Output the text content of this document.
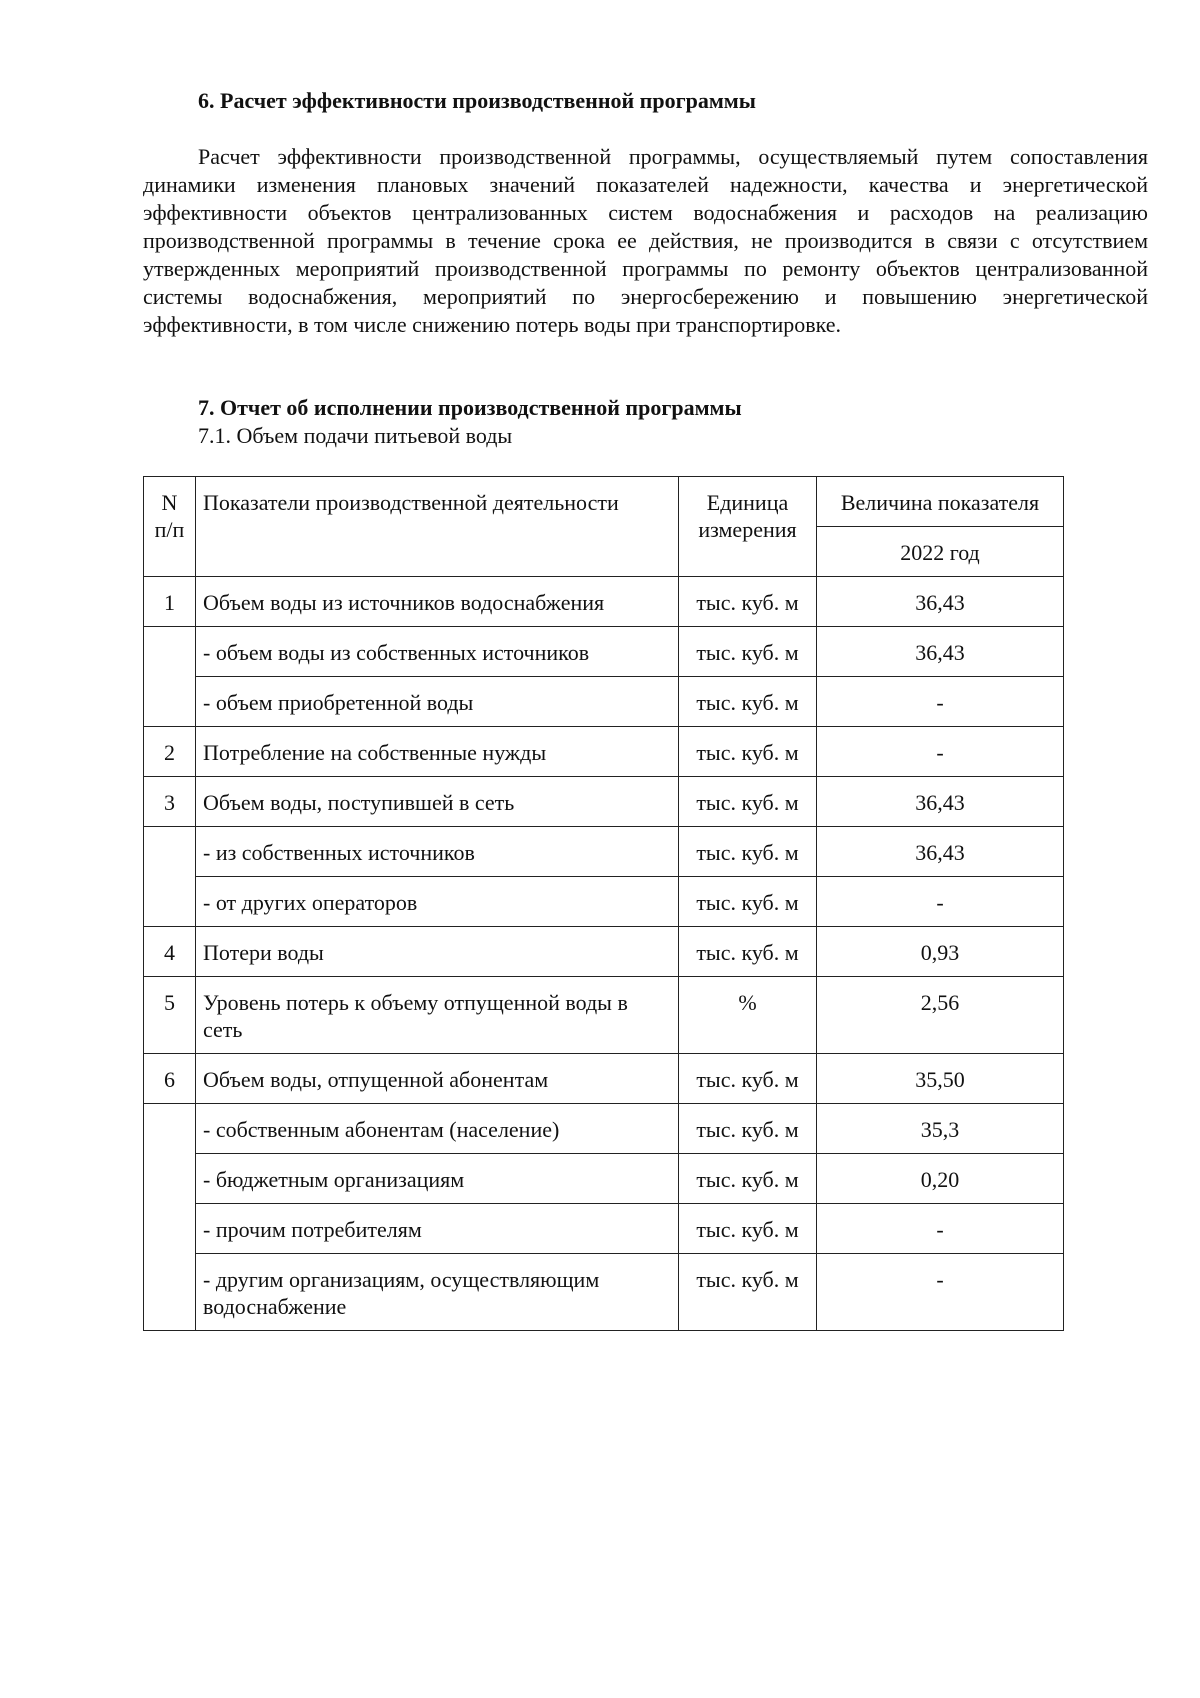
6. Расчет эффективности производственной программы
Расчет эффективности производственной программы, осуществляемый путем сопоставления динамики изменения плановых значений показателей надежности, качества и энергетической эффективности объектов централизованных систем водоснабжения и расходов на реализацию производственной программы в течение срока ее действия, не производится в связи с отсутствием утвержденных мероприятий производственной программы по ремонту объектов централизованной системы водоснабжения, мероприятий по энергосбережению и повышению энергетической эффективности, в том числе снижению потерь воды при транспортировке.
7. Отчет об исполнении производственной программы
7.1. Объем подачи питьевой воды
N п/п	Показатели производственной деятельности	Единица измерения	Величина показателя
			2022 год
1	Объем воды из источников водоснабжения	тыс. куб. м	36,43
	- объем воды из собственных источников	тыс. куб. м	36,43
	- объем приобретенной воды	тыс. куб. м	-
2	Потребление на собственные нужды	тыс. куб. м	-
3	Объем воды, поступившей в сеть	тыс. куб. м	36,43
	- из собственных источников	тыс. куб. м	36,43
	- от других операторов	тыс. куб. м	-
4	Потери воды	тыс. куб. м	0,93
5	Уровень потерь к объему отпущенной воды в сеть	%	2,56
6	Объем воды, отпущенной абонентам	тыс. куб. м	35,50
	- собственным абонентам (население)	тыс. куб. м	35,3
	- бюджетным организациям	тыс. куб. м	0,20
	- прочим потребителям	тыс. куб. м	-
	- другим организациям, осуществляющим водоснабжение	тыс. куб. м	-
